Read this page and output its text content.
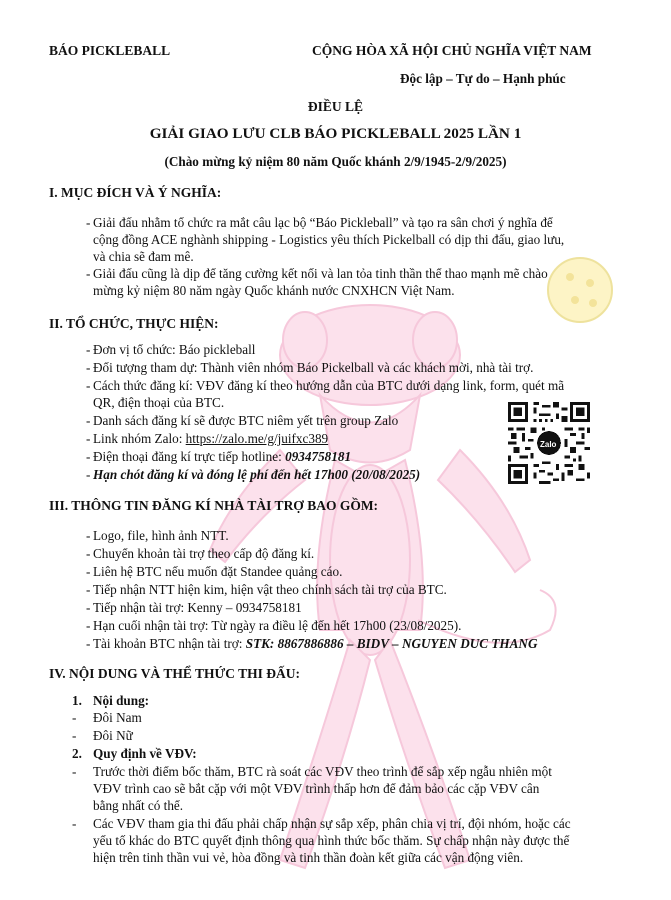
BÁO PICKLEBALL	CỘNG HÒA XÃ HỘI CHỦ NGHĨA VIỆT NAM
Độc lập – Tự do – Hạnh phúc
ĐIỀU LỆ
GIẢI GIAO LƯU CLB BÁO PICKLEBALL 2025 LẦN 1
(Chào mừng kỷ niệm 80 năm Quốc khánh 2/9/1945-2/9/2025)
I. MỤC ĐÍCH VÀ Ý NGHĨA:
- Giải đấu nhằm tổ chức ra mắt câu lạc bộ “Báo Pickleball” và tạo ra sân chơi ý nghĩa để
cộng đồng ACE nghành shipping - Logistics yêu thích Pickelball có dịp thi đấu, giao lưu,
và chia sẽ đam mê.
- Giải đấu cũng là dịp để tăng cường kết nối và lan tỏa tinh thần thể thao mạnh mẽ chào
mừng kỷ niệm 80 năm ngày Quốc khánh nước CNXHCN Việt Nam.
II. TỔ CHỨC, THỰC HIỆN:
- Đơn vị tổ chức: Báo pickleball
- Đối tượng tham dự: Thành viên nhóm Báo Pickelball và các khách mời, nhà tài trợ.
- Cách thức đăng kí: VĐV đăng kí theo hướng dẫn của BTC dưới dạng link, form, quét mã
QR, điện thoại của BTC.
- Danh sách đăng kí sẽ được BTC niêm yết trên group Zalo
- Link nhóm Zalo: https://zalo.me/g/juifxc389
- Điện thoại đăng kí trực tiếp hotline: 0934758181
- Hạn chót đăng kí và đóng lệ phí đến hết 17h00 (20/08/2025)
Zalo
III. THÔNG TIN ĐĂNG KÍ NHÀ TÀI TRỢ BAO GỒM:
- Logo, file, hình ảnh NTT.
- Chuyển khoản tài trợ theo cấp độ đăng kí.
- Liên hệ BTC nếu muốn đặt Standee quảng cáo.
- Tiếp nhận NTT hiện kim, hiện vật theo chính sách tài trợ của BTC.
- Tiếp nhận tài trợ: Kenny – 0934758181
- Hạn cuối nhận tài trợ: Từ ngày ra điều lệ đến hết 17h00 (23/08/2025).
- Tài khoản BTC nhận tài trợ: STK: 8867886886 – BIDV – NGUYEN DUC THANG
IV. NỘI DUNG VÀ THỂ THỨC THI ĐẤU:
1. Nội dung:
- Đôi Nam
- Đôi Nữ
2. Quy định về VĐV:
- Trước thời điểm bốc thăm, BTC rà soát các VĐV theo trình để sắp xếp ngẫu nhiên một
VĐV trình cao sẽ bắt cặp với một VĐV trình thấp hơn để đảm bảo các cặp VĐV cân
bằng nhất có thể.
- Các VĐV tham gia thi đấu phải chấp nhận sự sắp xếp, phân chia vị trí, đội nhóm, hoặc các
yếu tố khác do BTC quyết định thông qua hình thức bốc thăm. Sự chấp nhận này được thể
hiện trên tinh thần vui vẻ, hòa đồng và tinh thần đoàn kết giữa các vận động viên.
